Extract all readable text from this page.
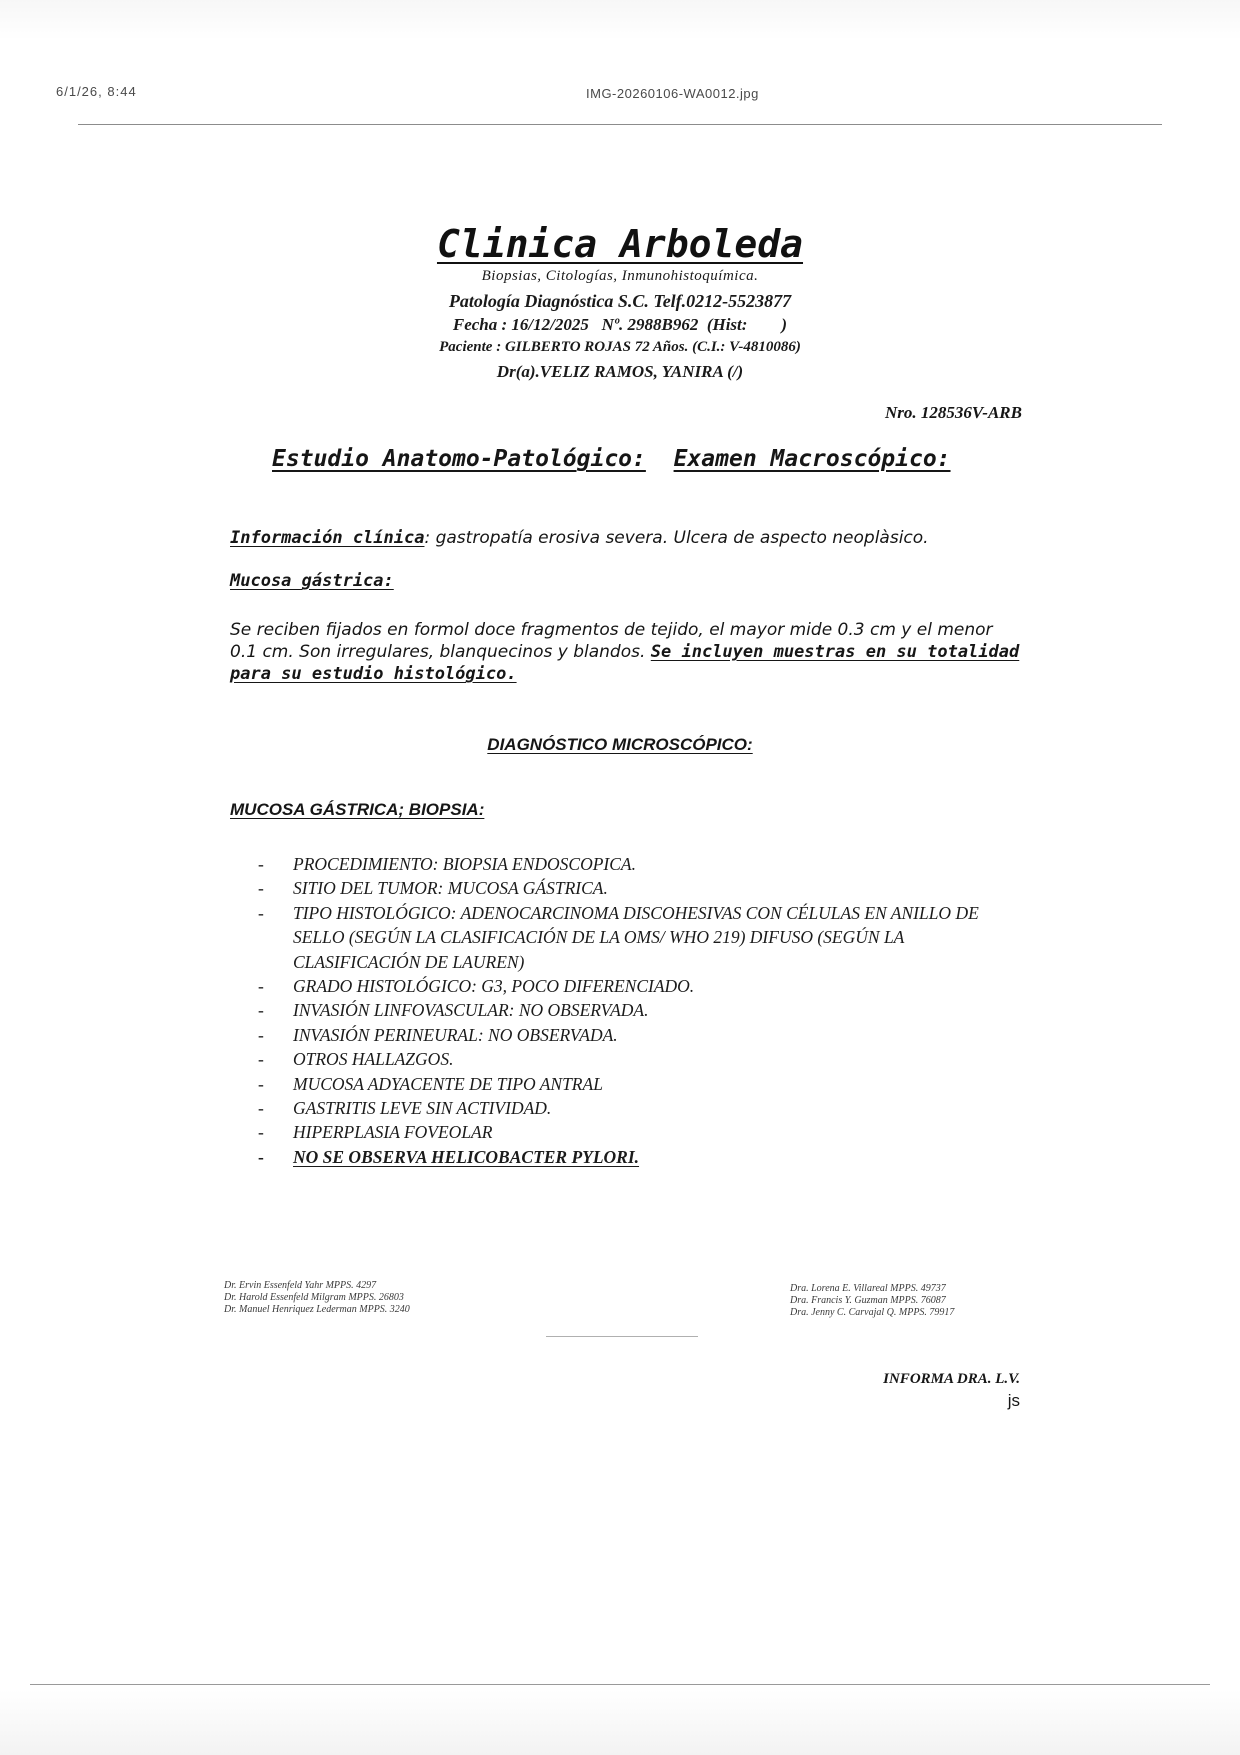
6/1/26, 8:44	IMG-20260106-WA0012.jpg
Clinica Arboleda
Biopsias, Citologías, Inmunohistoquímica.
Patología Diagnóstica S.C. Telf.0212-5523877
Fecha : 16/12/2025   Nº. 2988B962  (Hist:        )
Paciente : GILBERTO ROJAS 72 Años. (C.I.: V-4810086)
Dr(a).VELIZ RAMOS, YANIRA (/)
Nro. 128536V-ARB
Estudio Anatomo-Patológico: Examen Macroscópico:
Información clínica: gastropatía erosiva severa. Ulcera de aspecto neoplàsico.
Mucosa gástrica:
Se reciben fijados en formol doce fragmentos de tejido, el mayor mide 0.3 cm y el menor 0.1 cm. Son irregulares, blanquecinos y blandos. Se incluyen muestras en su totalidad para su estudio histológico.
DIAGNÓSTICO MICROSCÓPICO:
MUCOSA GÁSTRICA; BIOPSIA:
- PROCEDIMIENTO: BIOPSIA ENDOSCOPICA.
- SITIO DEL TUMOR: MUCOSA GÁSTRICA.
- TIPO HISTOLÓGICO: ADENOCARCINOMA DISCOHESIVAS CON CÉLULAS EN ANILLO DE SELLO (SEGÚN LA CLASIFICACIÓN DE LA OMS/ WHO 219) DIFUSO (SEGÚN LA CLASIFICACIÓN DE LAUREN)
- GRADO HISTOLÓGICO: G3, POCO DIFERENCIADO.
- INVASIÓN LINFOVASCULAR: NO OBSERVADA.
- INVASIÓN PERINEURAL: NO OBSERVADA.
- OTROS HALLAZGOS.
- MUCOSA ADYACENTE DE TIPO ANTRAL
- GASTRITIS LEVE SIN ACTIVIDAD.
- HIPERPLASIA FOVEOLAR
- NO SE OBSERVA HELICOBACTER PYLORI.
Dr. Ervin Essenfeld Yahr MPPS. 4297
Dr. Harold Essenfeld Milgram MPPS. 26803
Dr. Manuel Henriquez Lederman MPPS. 3240
Dra. Lorena E. Villareal MPPS. 49737
Dra. Francis Y. Guzman MPPS. 76087
Dra. Jenny C. Carvajal Q. MPPS. 79917
INFORMA DRA. L.V.
js
